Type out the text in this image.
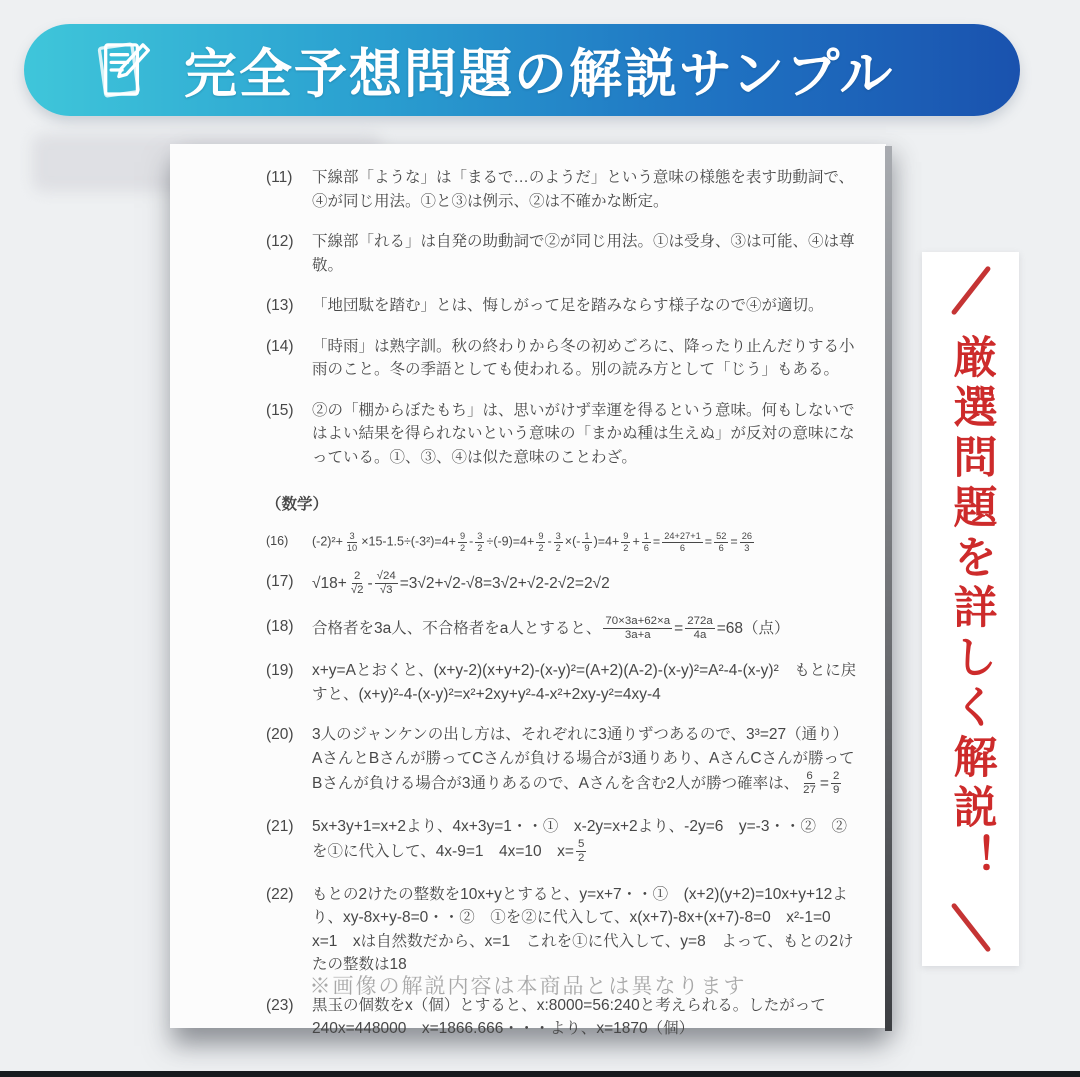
完全予想問題の解説サンプル
(11)	下線部「ような」は「まるで…のようだ」という意味の様態を表す助動詞で、④が同じ用法。①と③は例示、②は不確かな断定。
(12)	下線部「れる」は自発の助動詞で②が同じ用法。①は受身、③は可能、④は尊敬。
(13)	「地団駄を踏む」とは、悔しがって足を踏みならす様子なので④が適切。
(14)	「時雨」は熟字訓。秋の終わりから冬の初めごろに、降ったり止んだりする小雨のこと。冬の季語としても使われる。別の読み方として「じう」もある。
(15)	②の「棚からぼたもち」は、思いがけず幸運を得るという意味。何もしないではよい結果を得られないという意味の「まかぬ種は生えぬ」が反対の意味になっている。①、③、④は似た意味のことわざ。
（数学）
(16)	$(-2)^2+ \frac{3}{10} \times 15-1.5\div(-3^2)=4+ \frac{9}{2} - \frac{3}{2} \div(-9)=4+ \frac{9}{2} - \frac{3}{2}$ ×(- $\frac{1}{9} )=4+ \frac{9}{2} + \frac{1}{6} = \frac{24+27+1}{6} = \frac{52}{6} = \frac{26}{3}$
(17)	$√18+ \frac{2}{√2} - \frac{√24}{√3} =3√2+√2-√8=3√2+√2-2√2=2√2$
(18)	合格者を3a人、不合格者をa人とすると、 $\frac{70\times 3a+62\times a}{3a+a} = \frac{272a}{4a} =68$（点）
(19)	x+y=Aとおくと、(x+y-2)(x+y+2)-(x-y)²=(A+2)(A-2)-(x-y)²=A²-4-(x-y)²　もとに戻すと、(x+y)²-4-(x-y)²=x²+2xy+y²-4-x²+2xy-y²=4xy-4
(20)	3人のジャンケンの出し方は、それぞれに3通りずつあるので、3³=27（通り）　AさんとBさんが勝ってCさんが負ける場合が3通りあり、AさんCさんが勝ってBさんが負ける場合が3通りあるので、Aさんを含む2人が勝つ確率は、 $\frac{6}{27} = \frac{2}{9}$
(21)	5x+3y+1=x+2より、4x+3y=1・・①　x-2y=x+2より、-2y=6　y=-3・・②　②を①に代入して、4x-9=1　4x=10　$x= \frac{5}{2}$
(22)	もとの2けたの整数を10x+yとすると、y=x+7・・①　(x+2)(y+2)=10x+y+12より、xy-8x+y-8=0・・②　①を②に代入して、x(x+7)-8x+(x+7)-8=0　x²-1=0　x=1　xは自然数だから、x=1　これを①に代入して、y=8　よって、もとの2けたの整数は18
(23)	黒玉の個数をx（個）とすると、x:8000=56:240と考えられる。したがって240x=448000　x=1866.666・・・より、x=1870（個）
※画像の解説内容は本商品とは異なります
厳選問題を詳しく解説！
